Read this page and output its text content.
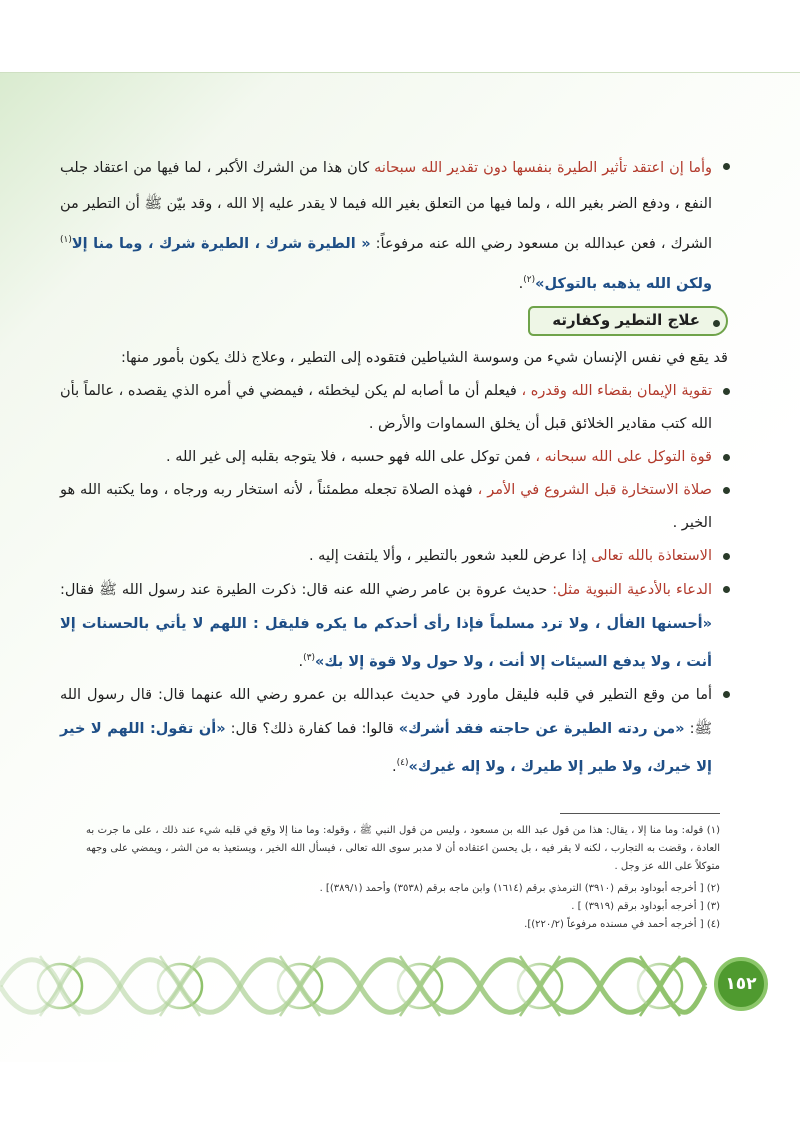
وأما إن اعتقد تأثير الطيرة بنفسها دون تقدير الله سبحانه كان هذا من الشرك الأكبر ، لما فيها من اعتقاد جلب النفع ، ودفع الضر بغير الله ، ولما فيها من التعلق بغير الله فيما لا يقدر عليه إلا الله ، وقد بيّن ﷺ أن التطير من الشرك ، فعن عبدالله بن مسعود رضي الله عنه مرفوعاً: « الطيرة شرك ، الطيرة شرك ، وما منا إلا$^{(١)}$ ولكن الله يذهبه بالتوكل»$^{(٢)}$.

علاج التطير وكفارته

قد يقع في نفس الإنسان شيء من وسوسة الشياطين فتقوده إلى التطير ، وعلاج ذلك يكون بأمور منها:

تقوية الإيمان بقضاء الله وقدره ، فيعلم أن ما أصابه لم يكن ليخطئه ، فيمضي في أمره الذي يقصده ، عالماً بأن الله كتب مقادير الخلائق قبل أن يخلق السماوات والأرض .

قوة التوكل على الله سبحانه ، فمن توكل على الله فهو حسبه ، فلا يتوجه بقلبه إلى غير الله .

صلاة الاستخارة قبل الشروع في الأمر ، فهذه الصلاة تجعله مطمئناً ، لأنه استخار ربه ورجاه ، وما يكتبه الله هو الخير .

الاستعاذة بالله تعالى إذا عرض للعبد شعور بالتطير ، وألا يلتفت إليه .

الدعاء بالأدعية النبوية مثل: حديث عروة بن عامر رضي الله عنه قال: ذكرت الطيرة عند رسول الله ﷺ فقال: «أحسنها الفأل ، ولا ترد مسلماً فإذا رأى أحدكم ما يكره فليقل : اللهم لا يأتي بالحسنات إلا أنت ، ولا يدفع السيئات إلا أنت ، ولا حول ولا قوة إلا بك»$^{(٣)}$.

أما من وقع التطير في قلبه فليقل ماورد في حديث عبدالله بن عمرو رضي الله عنهما قال: قال رسول الله ﷺ: «من ردته الطيرة عن حاجته فقد أشرك» قالوا: فما كفارة ذلك؟ قال: «أن تقول: اللهم لا خير إلا خيرك، ولا طير إلا طيرك ، ولا إله غيرك»$^{(٤)}$.

(١) قوله: وما منا إلا ، يقال: هذا من قول عبد الله بن مسعود ، وليس من قول النبي ﷺ ، وقوله: وما منا إلا وقع في قلبه شيء عند ذلك ، على ما جرت به العادة ، وقضت به التجارب ، لكنه لا يقر فيه ، بل يحسن اعتقاده أن لا مدبر سوى الله تعالى ، فيسأل الله الخير ، ويستعيذ به من الشر ، ويمضي على وجهه متوكلاً على الله عز وجل .

(٢) [ أخرجه أبوداود برقم (٣٩١٠) الترمذي برقم (١٦١٤) وابن ماجه برقم (٣٥٣٨) وأحمد (٣٨٩/١)] .

(٣) [ أخرجه أبوداود برقم (٣٩١٩) ] .

(٤) [ أخرجه أحمد في مسنده مرفوعاً (٢٢٠/٢)].

١٥٢
